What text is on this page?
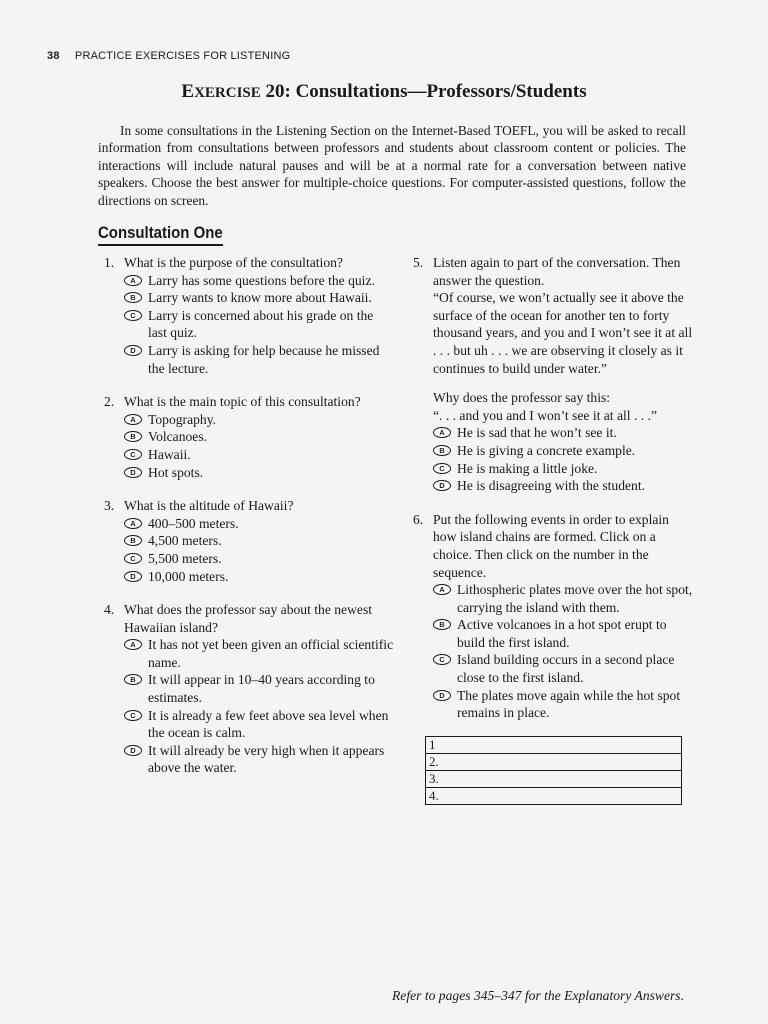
38 PRACTICE EXERCISES FOR LISTENING
EXERCISE 20: Consultations—Professors/Students
In some consultations in the Listening Section on the Internet-Based TOEFL, you will be asked to recall information from consultations between professors and students about classroom content or policies. The interactions will include natural pauses and will be at a normal rate for a conversation between native speakers. Choose the best answer for multiple-choice questions. For computer-assisted questions, follow the directions on screen.
Consultation One
1. What is the purpose of the consultation?
A Larry has some questions before the quiz.
B Larry wants to know more about Hawaii.
C Larry is concerned about his grade on the last quiz.
D Larry is asking for help because he missed the lecture.
2. What is the main topic of this consultation?
A Topography.
B Volcanoes.
C Hawaii.
D Hot spots.
3. What is the altitude of Hawaii?
A 400–500 meters.
B 4,500 meters.
C 5,500 meters.
D 10,000 meters.
4. What does the professor say about the newest Hawaiian island?
A It has not yet been given an official scientific name.
B It will appear in 10–40 years according to estimates.
C It is already a few feet above sea level when the ocean is calm.
D It will already be very high when it appears above the water.
5. Listen again to part of the conversation. Then answer the question.
“Of course, we won’t actually see it above the surface of the ocean for another ten to forty thousand years, and you and I won’t see it at all . . . but uh . . . we are observing it closely as it continues to build under water.”
Why does the professor say this:
“. . . and you and I won’t see it at all . . .”
A He is sad that he won’t see it.
B He is giving a concrete example.
C He is making a little joke.
D He is disagreeing with the student.
6. Put the following events in order to explain how island chains are formed. Click on a choice. Then click on the number in the sequence.
A Lithospheric plates move over the hot spot, carrying the island with them.
B Active volcanoes in a hot spot erupt to build the first island.
C Island building occurs in a second place close to the first island.
D The plates move again while the hot spot remains in place.
1
2.
3.
4.
Refer to pages 345–347 for the Explanatory Answers.
